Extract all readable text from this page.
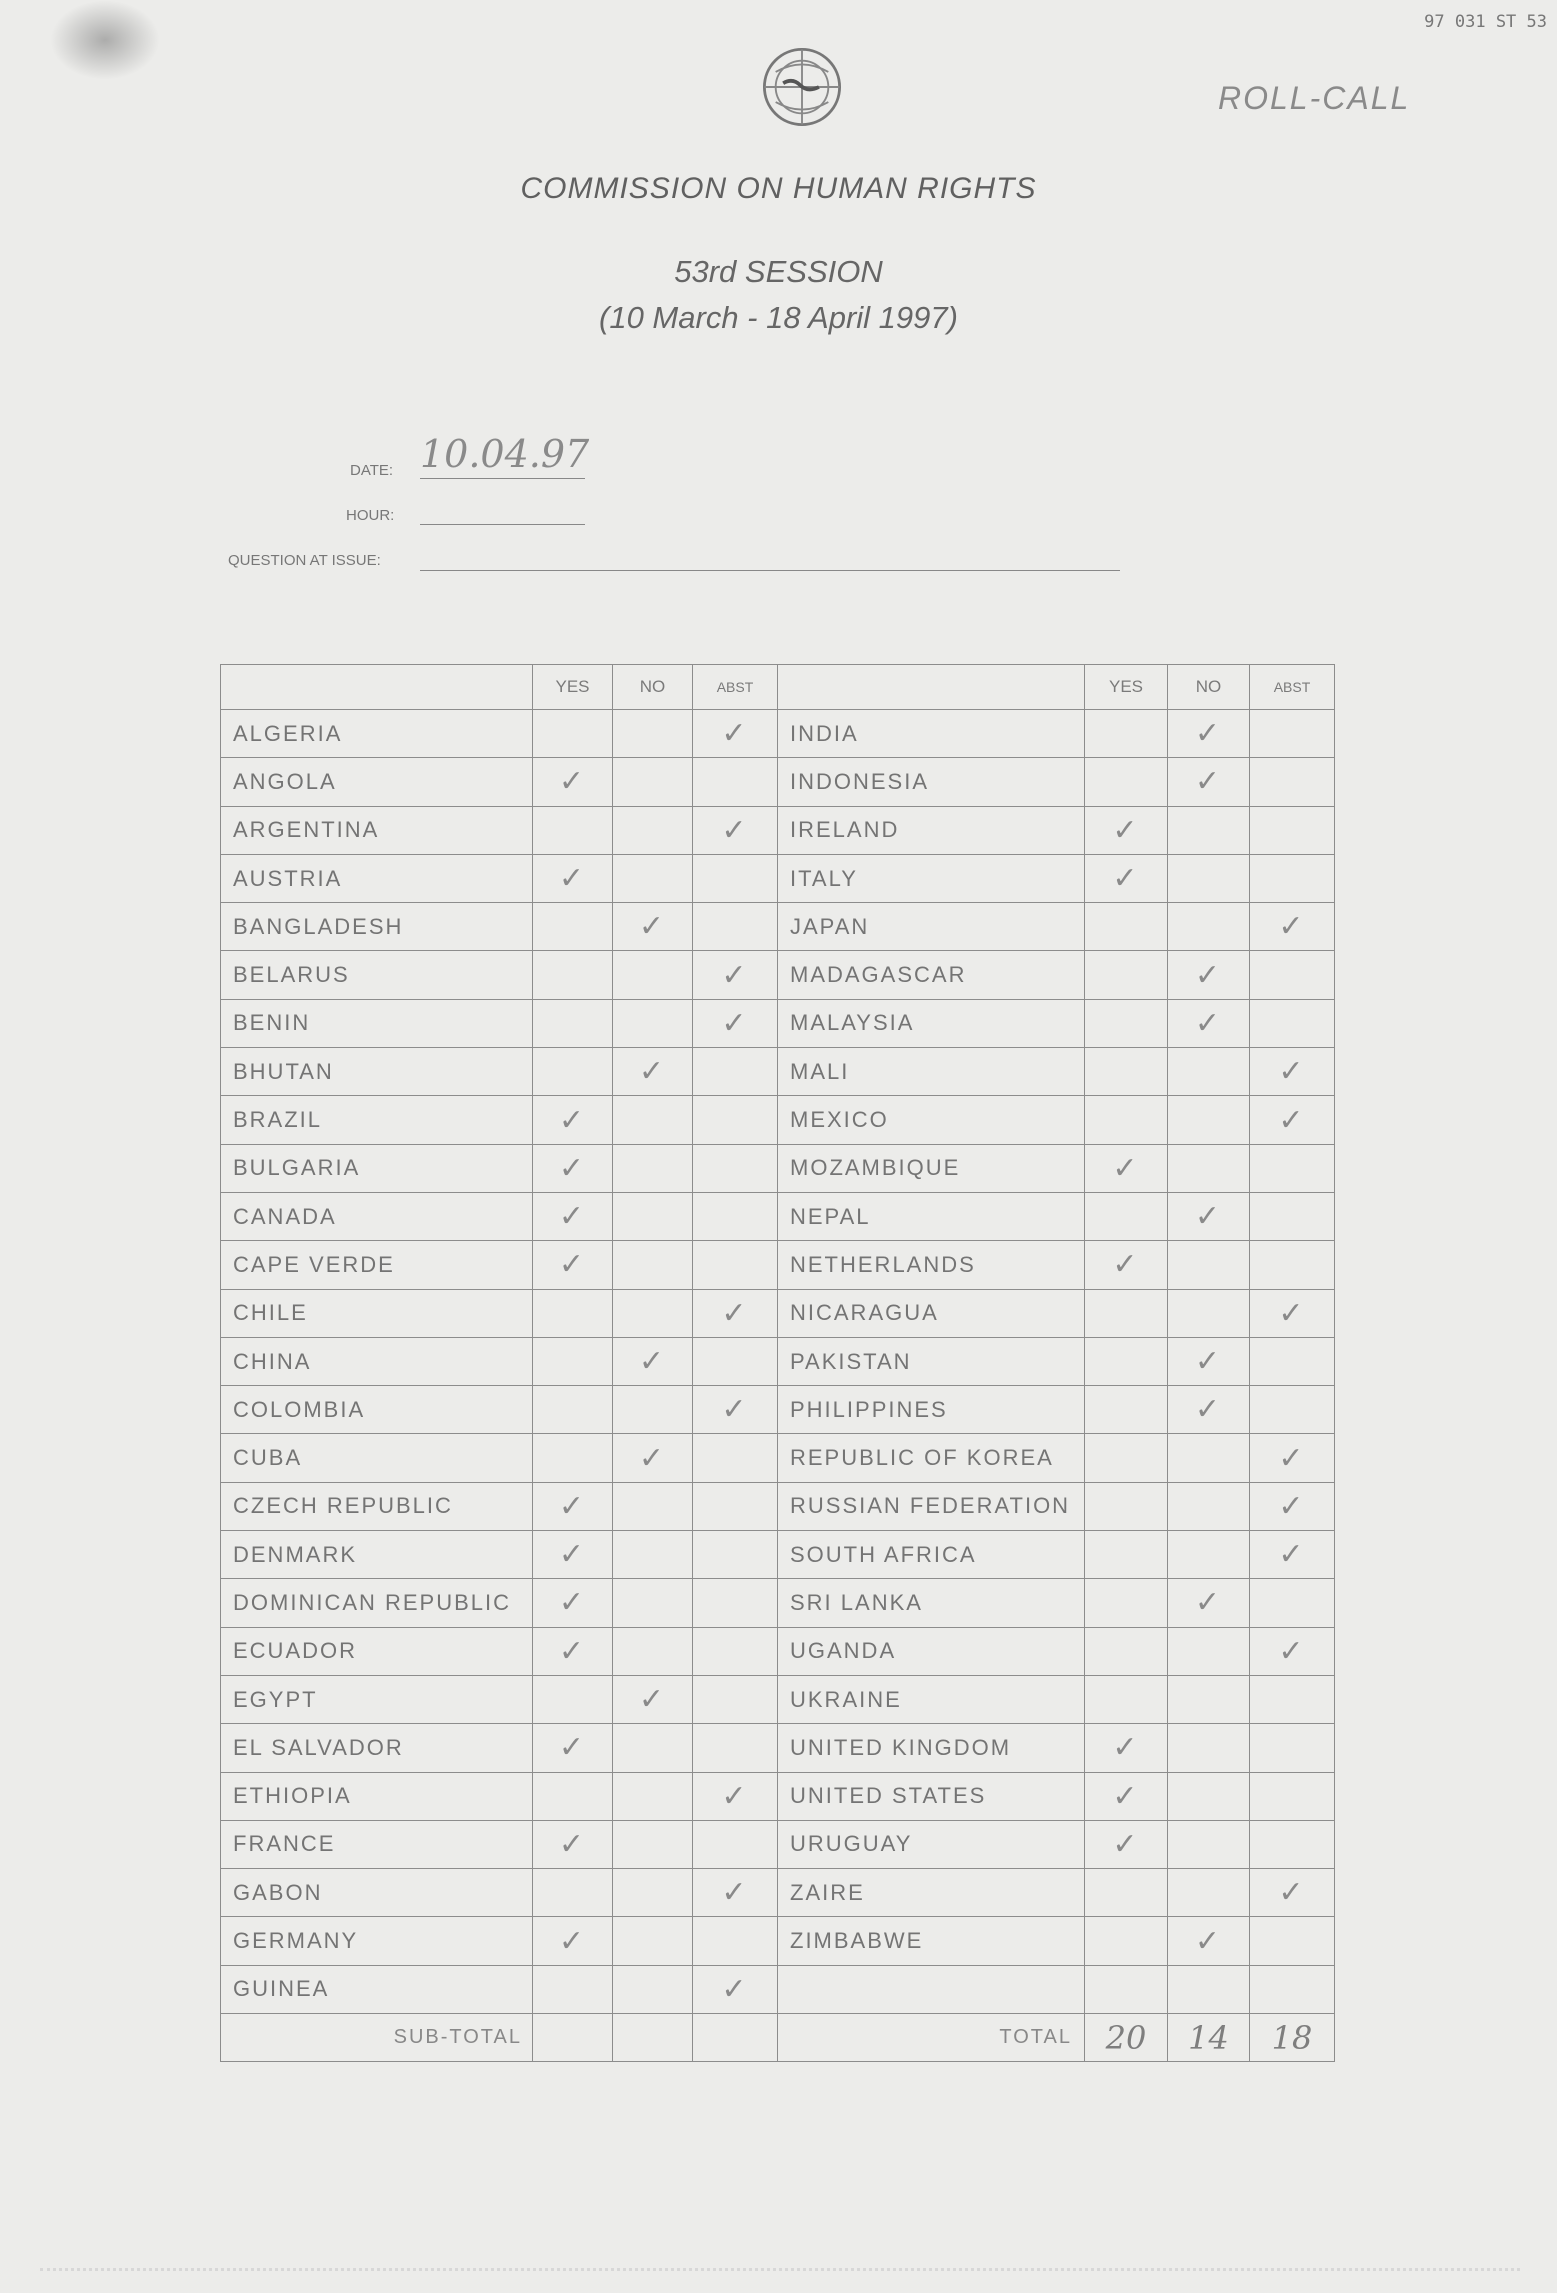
97 031 ST 53
ROLL-CALL
COMMISSION ON HUMAN RIGHTS
53rd SESSION
(10 March - 18 April 1997)
DATE: 10.04.97
HOUR:
QUESTION AT ISSUE:
	YES	NO	ABST		YES	NO	ABST
ALGERIA			✓	INDIA		✓	
ANGOLA	✓			INDONESIA		✓	
ARGENTINA			✓	IRELAND	✓		
AUSTRIA	✓			ITALY	✓		
BANGLADESH		✓		JAPAN			✓
BELARUS			✓	MADAGASCAR		✓	
BENIN			✓	MALAYSIA		✓	
BHUTAN		✓		MALI			✓
BRAZIL	✓			MEXICO			✓
BULGARIA	✓			MOZAMBIQUE	✓		
CANADA	✓			NEPAL		✓	
CAPE VERDE	✓			NETHERLANDS	✓		
CHILE			✓	NICARAGUA			✓
CHINA		✓		PAKISTAN		✓	
COLOMBIA			✓	PHILIPPINES		✓	
CUBA		✓		REPUBLIC OF KOREA			✓
CZECH REPUBLIC	✓			RUSSIAN FEDERATION			✓
DENMARK	✓			SOUTH AFRICA			✓
DOMINICAN REPUBLIC	✓			SRI LANKA		✓	
ECUADOR	✓			UGANDA			✓
EGYPT		✓		UKRAINE			
EL SALVADOR	✓			UNITED KINGDOM	✓		
ETHIOPIA			✓	UNITED STATES	✓		
FRANCE	✓			URUGUAY	✓		
GABON			✓	ZAIRE			✓
GERMANY	✓			ZIMBABWE		✓	
GUINEA			✓				
SUB-TOTAL				TOTAL	20	14	18
